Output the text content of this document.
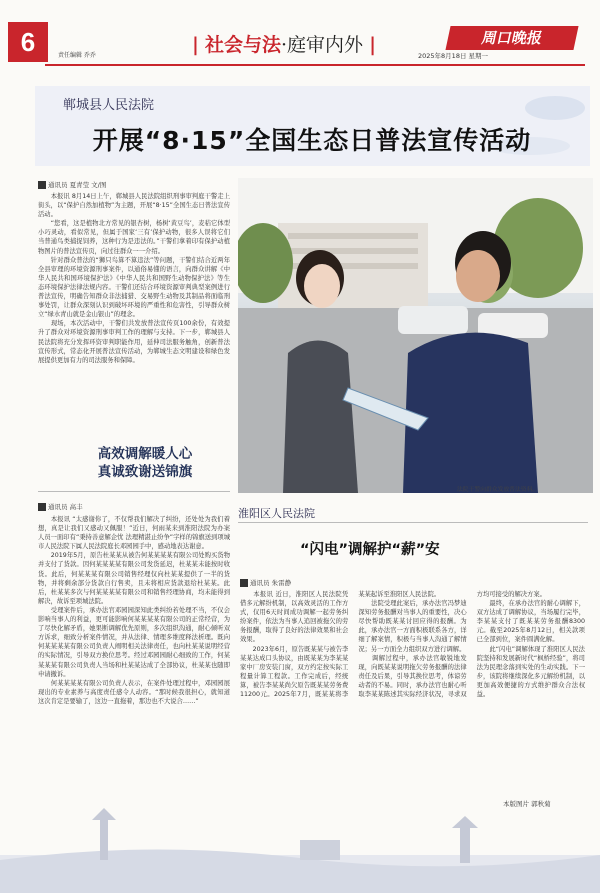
6	责任编辑 乔乔	| 社会与法·庭审内外 |	周口晚报
2025年8月18日 星期一
郸城县人民法院
开展“8·15”全国生态日普法宣传活动
通讯员 夏青莹 文/图
　　本报讯 8月14日上午，郸城县人民法院组织刑事审判庭干警走上街头，以“保护自然加植物”为主题，开展“8·15”全国生态日普法宣传活动。
　　“您看，这是植物北方常见的银杏树，杨树‘黄豆鸟’，麦秸它体型小巧灵动，看似常见，但属于国家‘三有’保护动物，很多人误将它们当普通鸟类捕捉饲养，这种行为是违法的。”干警们拿着印有保护动植物图片的普法宣传页，向过往群众一一介绍。
　　针对群众普法的“狮只鸟算不算违法”等问题，干警们结合近两年全县审理的环境资源刑事案件，以通俗易懂的语言，向群众讲解《中华人民共和国环境保护法》《中华人民共和国野生动物保护法》等生态环境保护法律法规内容。干警们还结合环境资源审判典型案例进行普法宣传，明确告知群众非法捕猎、交易野生动物及其制品将面临刑事处罚，让群众深刻认识到破坏环境的严重性和危害性，引导群众树立“绿水青山就是金山银山”的理念。
　　现场，本次活动中，干警们共发放普法宣传页100余份，有效提升了群众对环境资源刑事审判工作的理解与支持。下一步，郸城县人民法院将充分发挥环资审判职能作用，延伸司法服务触角，创新普法宣传形式，常态化开展普法宣传活动，为郸城生态文明建设和绿色发展提供更加有力的司法服务和保障。
法院干警向群众发放普法资料。
高效调解暖人心
真诚致谢送锦旗
通讯员 高丰
　　本报讯 “太感谢你了，不仅帮我们解决了纠纷，还处处为我们着想，真是让我们又感动又佩服！”近日，何雨某来到淮阳法院为办案人员一面印有“秉持善意解企忧 法理精湛止纷争”字样的锦旗送到项城市人民法院下属人民法院庭长邓园园手中，感动地表达谢意。
　　2019年5月，原告杜某某从被告何某某某某有限公司处购买货物并支付了货款。因何某某某某有限公司发货延迟，杜某某未能按时收货。此后，何某某某有限公司销售经理仅向杜某某提供了一半的货物，并将剩余部分货款自行售卖，且未将相应货款退给杜某某。此后，杜某某多次与何某某某某有限公司和销售经理协商，均未能得到解决，故诉至项城法院。
　　受理案件后，承办法官邓园园深知此类纠纷若处理不当，不仅会影响当事人的利益，更可能影响何某某某某有限公司的正常经营，为了尽快化解矛盾，她果断调解优先原则，多次组织沟通，耐心倾听双方诉求，细致分析案件情况，并从法律、情理多维度释法析理。既向何某某某某有限公司负责人阐明相关法律责任，也向杜某某说明经营的实际情况，引导双方换位思考。经过邓园园耐心细致的工作，何某某某某有限公司负责人当场和杜某某达成了全部协议，杜某某也随即申请撤诉。
　　何某某某某有限公司负责人表示，在案件处理过程中，邓园园展现出的专业素养与高度责任感令人动容。“那时候我很担心，就知道这次肯定是要输了，这边一直拖着，那边也不大说合……”
淮阳区人民法院
“闪电”调解护“薪”安
通讯员 朱雷静
　　本报讯 近日，淮阳区人民法院凭借多元解纷机制，以高效灵活的工作方式，仅用6天时间成功调解一起劳务纠纷案件，依法为当事人追回被拖欠的劳务报酬，取得了良好的法律效果和社会效果。
　　2023年6月，原告既某某与被告李某某达成口头协议，由既某某为李某某家中厂房安装门窗，双方约定按实际工程量计算工程款。工作完成后，经统算，被告李某某尚欠原告既某某劳务费11200元。2025年7月，既某某将李某某起诉至淮阳区人民法院。
　　法院受理此案后，承办法官冯梦迪深知劳务报酬对当事人的重要性，决心尽快帮助既某某讨回应得的报酬。为此，承办法官一方面积极联系各方，详细了解案情，积极与当事人沟通了解情况；另一方面全力组织双方进行调解。
　　调解过程中，承办法官敏锐地发现，向既某某说明拖欠劳务报酬的法律责任及后果，引导其换位思考，体谅劳动者的不易。同时，承办法官也耐心听取李某某陈述其实际经济状况，寻求双方均可接受的解决方案。
　　最终，在承办法官的耐心调解下，双方达成了调解协议，当场履行完毕，李某某支付了既某某劳务报酬8300元。截至2025年8月12日，相关款项已全部到位，案件圆满化解。
　　此“闪电”调解体现了淮阳区人民法院坚持和发展新时代“枫桥经验”，将司法为民理念落到实处的生动实践。下一步，该院将继续深化多元解纷机制，以更加高效便捷的方式维护群众合法权益。
本版图片 郭秋菊
